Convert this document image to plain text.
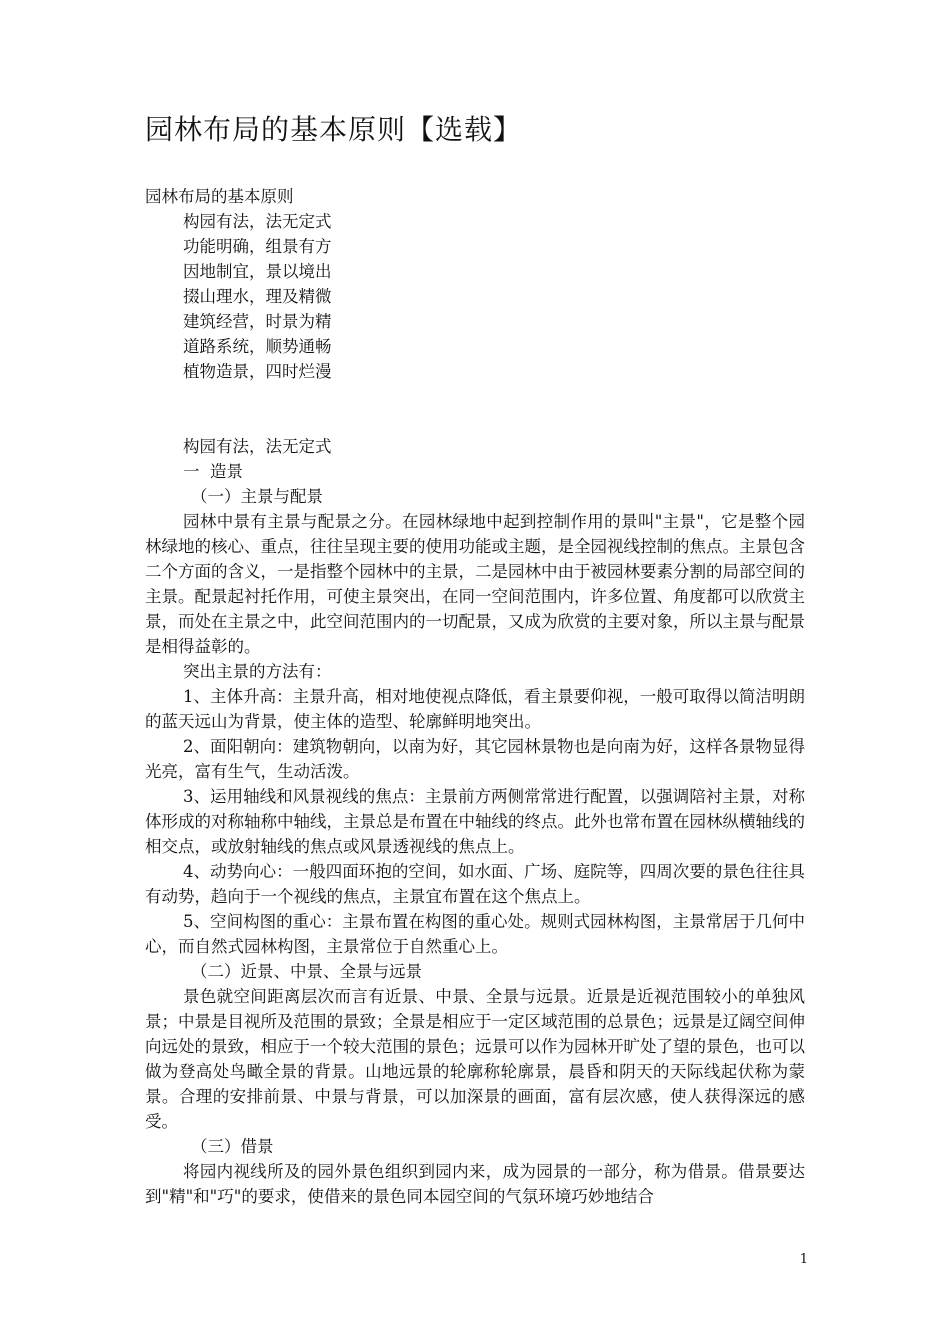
园林布局的基本原则【选载】
园林布局的基本原则
构园有法，法无定式
功能明确，组景有方
因地制宜，景以境出
掇山理水，理及精微
建筑经营，时景为精
道路系统，顺势通畅
植物造景，四时烂漫
构园有法，法无定式
一  造景
（一）主景与配景

园林中景有主景与配景之分。在园林绿地中起到控制作用的景叫"主景"，它是整个园林绿地的核心、重点，往往呈现主要的使用功能或主题，是全园视线控制的焦点。主景包含二个方面的含义，一是指整个园林中的主景，二是园林中由于被园林要素分割的局部空间的主景。配景起衬托作用，可使主景突出，在同一空间范围内，许多位置、角度都可以欣赏主景，而处在主景之中，此空间范围内的一切配景，又成为欣赏的主要对象，所以主景与配景是相得益彰的。

突出主景的方法有：

1、主体升高：主景升高，相对地使视点降低，看主景要仰视，一般可取得以简洁明朗的蓝天远山为背景，使主体的造型、轮廓鲜明地突出。

2、面阳朝向：建筑物朝向，以南为好，其它园林景物也是向南为好，这样各景物显得光亮，富有生气，生动活泼。

3、运用轴线和风景视线的焦点：主景前方两侧常常进行配置，以强调陪衬主景，对称体形成的对称轴称中轴线，主景总是布置在中轴线的终点。此外也常布置在园林纵横轴线的相交点，或放射轴线的焦点或风景透视线的焦点上。

4、动势向心：一般四面环抱的空间，如水面、广场、庭院等，四周次要的景色往往具有动势，趋向于一个视线的焦点，主景宜布置在这个焦点上。

5、空间构图的重心：主景布置在构图的重心处。规则式园林构图，主景常居于几何中心，而自然式园林构图，主景常位于自然重心上。

（二）近景、中景、全景与远景

景色就空间距离层次而言有近景、中景、全景与远景。近景是近视范围较小的单独风景；中景是目视所及范围的景致；全景是相应于一定区域范围的总景色；远景是辽阔空间伸向远处的景致，相应于一个较大范围的景色；远景可以作为园林开旷处了望的景色，也可以做为登高处鸟瞰全景的背景。山地远景的轮廓称轮廓景，晨昏和阴天的天际线起伏称为蒙景。合理的安排前景、中景与背景，可以加深景的画面，富有层次感，使人获得深远的感受。

（三）借景

将园内视线所及的园外景色组织到园内来，成为园景的一部分，称为借景。借景要达到"精"和"巧"的要求，使借来的景色同本园空间的气氛环境巧妙地结合

1
